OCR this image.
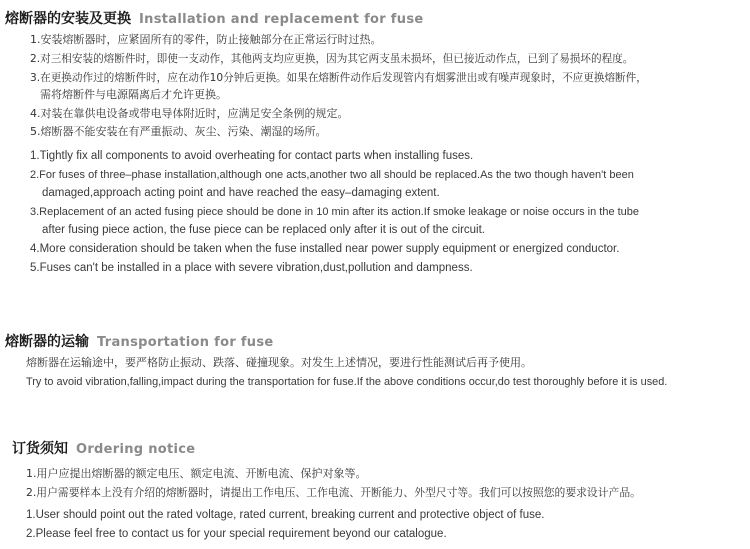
熔断器的安装及更换 Installation and replacement for fuse
1.安装熔断器时，应紧固所有的零件，防止接触部分在正常运行时过热。
2.对三相安装的熔断件时，即使一支动作，其他两支均应更换，因为其它两支虽未损坏，但已接近动作点，已到了易损坏的程度。
3.在更换动作过的熔断件时，应在动作10分钟后更换。如果在熔断件动作后发现管内有烟雾泄出或有噪声现象时，不应更换熔断件，
需将熔断件与电源隔离后才允许更换。
4.对装在靠供电设备或带电导体附近时，应满足安全条例的规定。
5.熔断器不能安装在有严重振动、灰尘、污染、潮湿的场所。
1.Tightly fix all components to avoid overheating for contact parts when installing fuses.
2.For fuses of three–phase installation,although one acts,another two all should be replaced.As the two though haven't been
damaged,approach acting point and have reached the easy–damaging extent.
3.Replacement of an acted fusing piece should be done in 10 min after its action.If smoke leakage or noise occurs in the tube
after fusing piece action, the fuse piece can be replaced only after it is out of the circuit.
4.More consideration should be taken when the fuse installed near power supply equipment or energized conductor.
5.Fuses can't be installed in a place with severe vibration,dust,pollution and dampness.
熔断器的运输 Transportation for fuse
熔断器在运输途中，要严格防止振动、跌落、碰撞现象。对发生上述情况，要进行性能测试后再予使用。
Try to avoid vibration,falling,impact during the transportation for fuse.If the above conditions occur,do test thoroughly before it is used.
订货须知 Ordering notice
1.用户应提出熔断器的额定电压、额定电流、开断电流、保护对象等。
2.用户需要样本上没有介绍的熔断器时，请提出工作电压、工作电流、开断能力、外型尺寸等。我们可以按照您的要求设计产品。
1.User should point out the rated voltage, rated current, breaking current and protective object of fuse.
2.Please feel free to contact us for your special requirement beyond our catalogue.
